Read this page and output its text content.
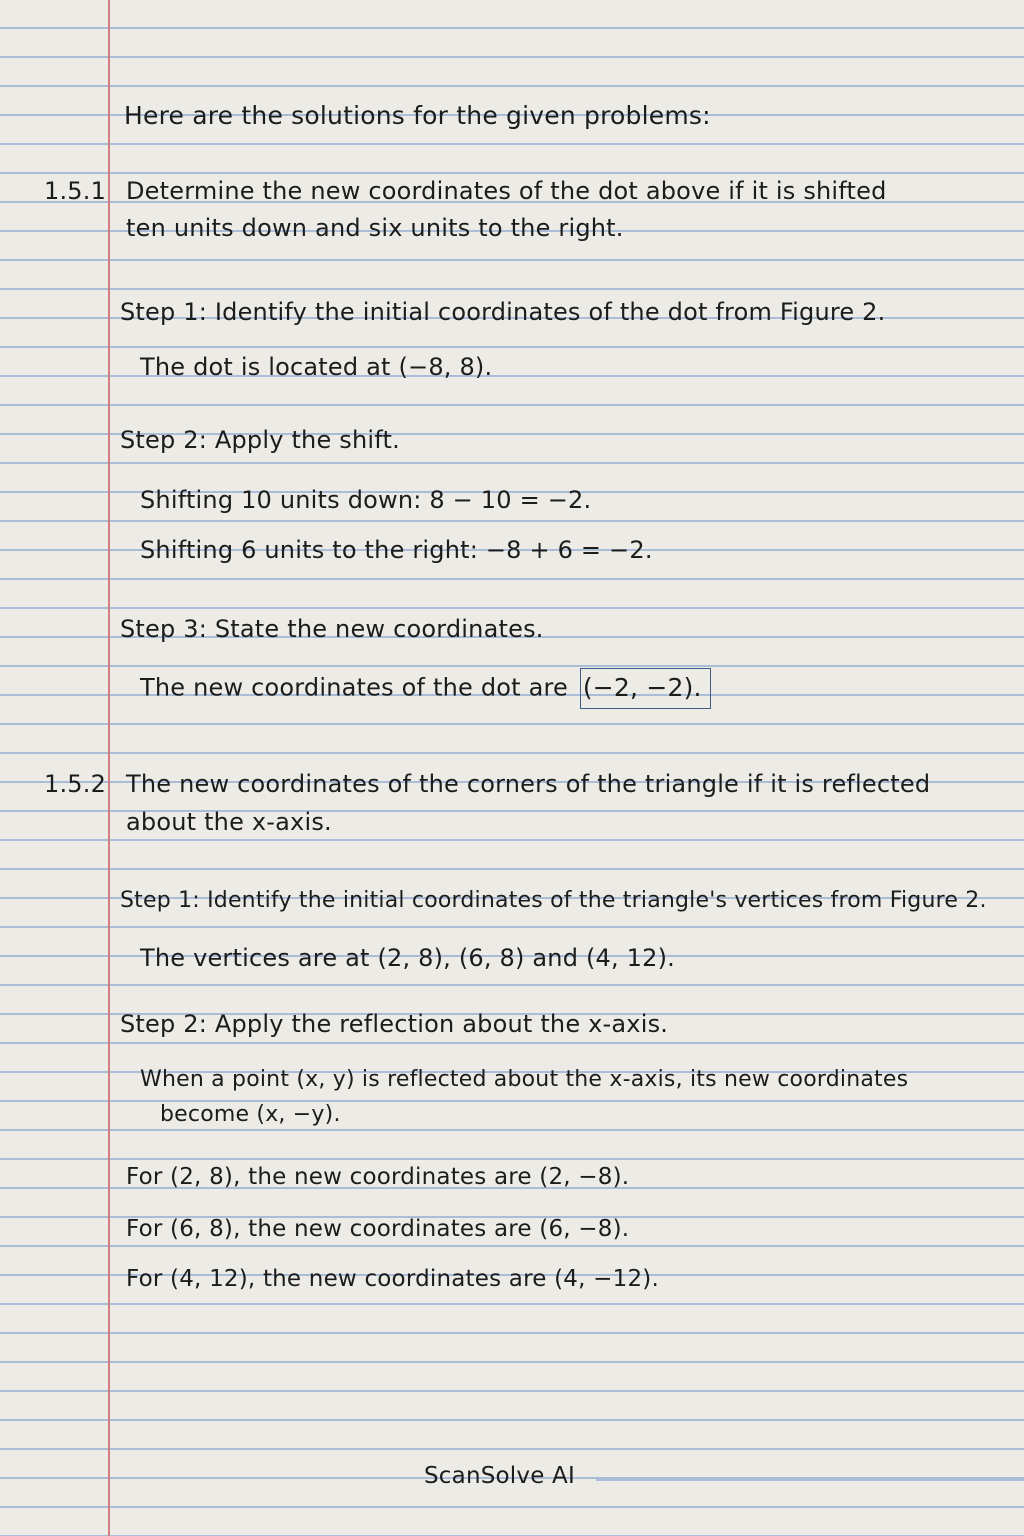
Here are the solutions for the given problems:
1.5.1 Determine the new coordinates of the dot above if it is shifted
ten units down and six units to the right.
Step 1: Identify the initial coordinates of the dot from Figure 2.
The dot is located at (−8, 8).
Step 2: Apply the shift.
Shifting 10 units down: 8 − 10 = −2.
Shifting 6 units to the right: −8 + 6 = −2.
Step 3: State the new coordinates.
The new coordinates of the dot are (−2, −2).
1.5.2 The new coordinates of the corners of the triangle if it is reflected
about the x-axis.
Step 1: Identify the initial coordinates of the triangle's vertices from Figure 2.
The vertices are at (2, 8), (6, 8) and (4, 12).
Step 2: Apply the reflection about the x-axis.
When a point (x, y) is reflected about the x-axis, its new coordinates
become (x, −y).
For (2, 8), the new coordinates are (2, −8).
For (6, 8), the new coordinates are (6, −8).
For (4, 12), the new coordinates are (4, −12).
ScanSolve AI
